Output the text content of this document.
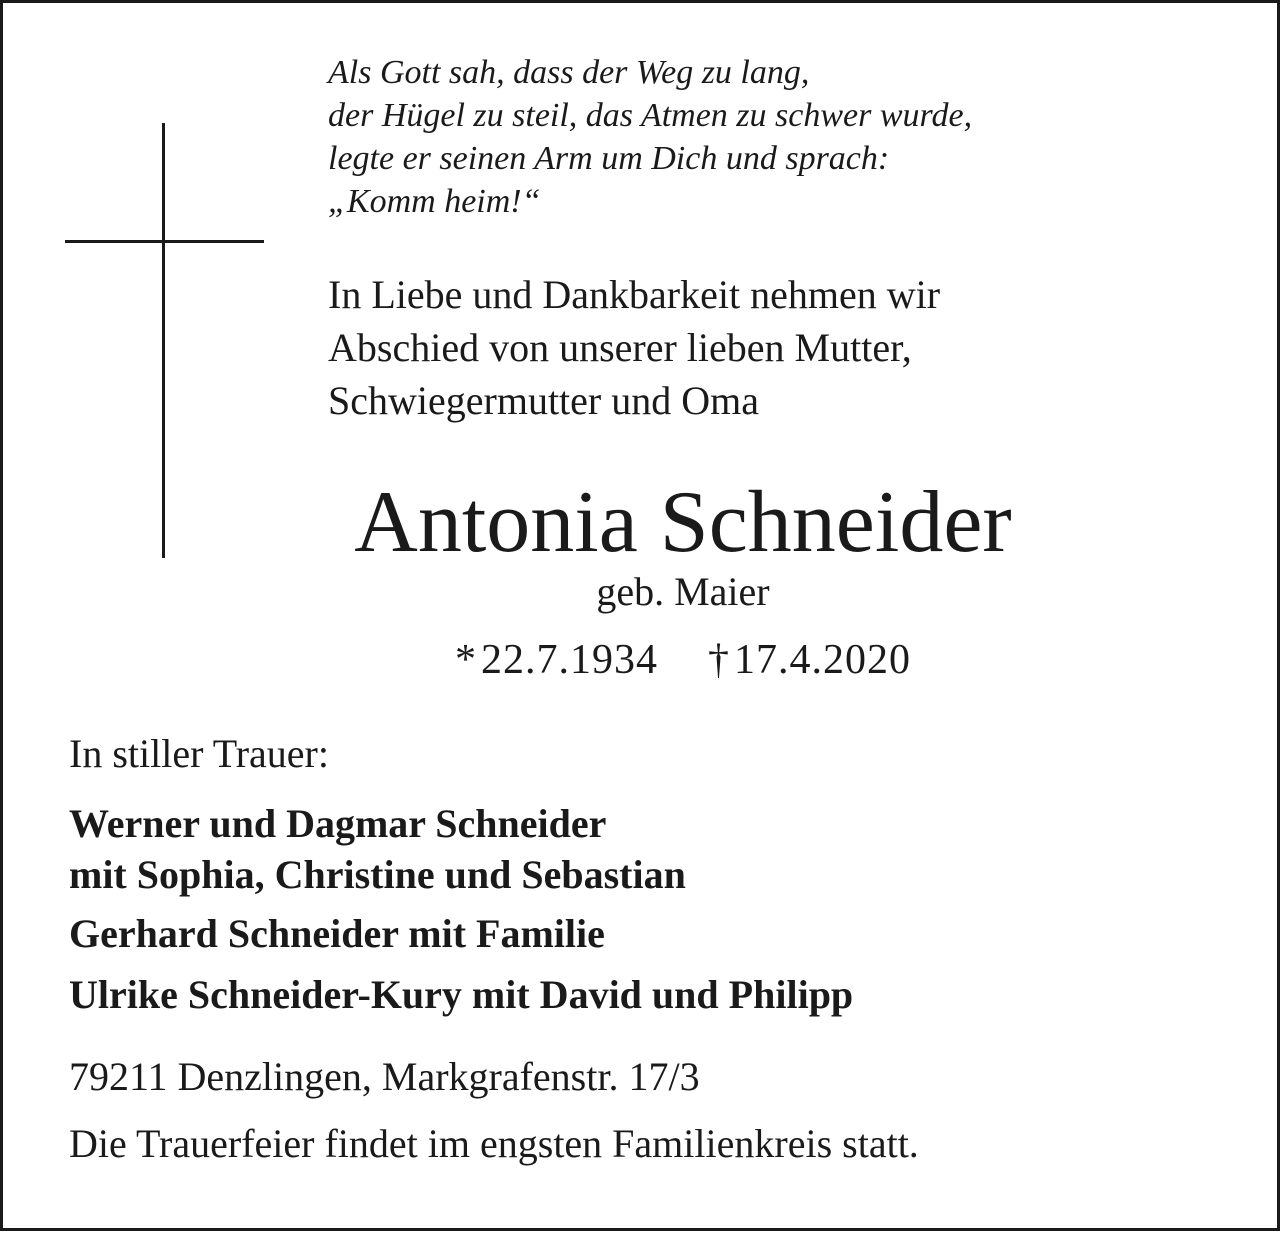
Als Gott sah, dass der Weg zu lang,
der Hügel zu steil, das Atmen zu schwer wurde,
legte er seinen Arm um Dich und sprach:
„Komm heim!“
In Liebe und Dankbarkeit nehmen wir
Abschied von unserer lieben Mutter,
Schwiegermutter und Oma
Antonia Schneider
geb. Maier
*22.7.1934 †17.4.2020
In stiller Trauer:
Werner und Dagmar Schneider
mit Sophia, Christine und Sebastian
Gerhard Schneider mit Familie
Ulrike Schneider-Kury mit David und Philipp
79211 Denzlingen, Markgrafenstr. 17/3
Die Trauerfeier findet im engsten Familienkreis statt.
